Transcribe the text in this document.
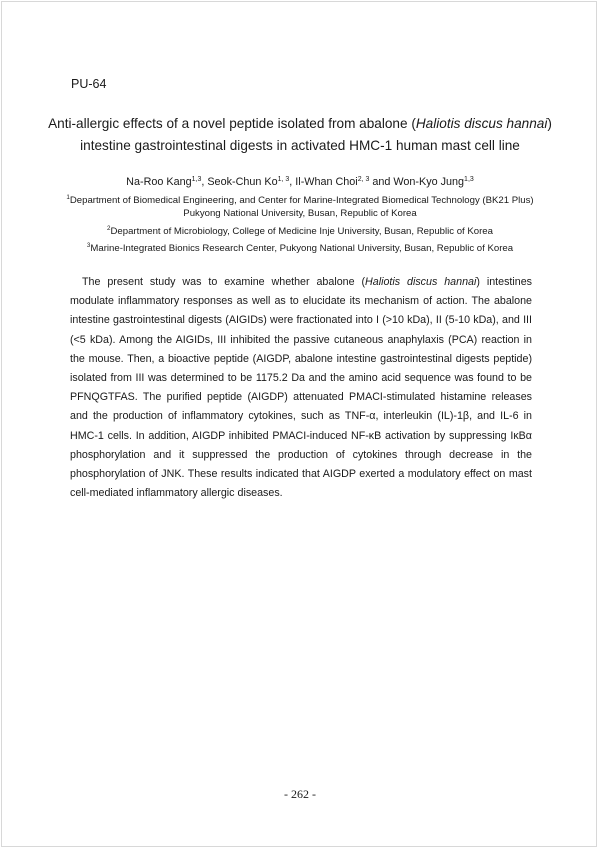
PU-64
Anti-allergic effects of a novel peptide isolated from abalone (Haliotis discus hannai)
intestine gastrointestinal digests in activated HMC-1 human mast cell line
Na-Roo Kang$^{1,3}$, Seok-Chun Ko$^{1, 3}$, Il-Whan Choi$^{2, 3}$ and Won-Kyo Jung$^{1,3}$
$^1$Department of Biomedical Engineering, and Center for Marine-Integrated Biomedical Technology (BK21 Plus)
Pukyong National University, Busan, Republic of Korea
$^2$Department of Microbiology, College of Medicine Inje University, Busan, Republic of Korea
$^3$Marine-Integrated Bionics Research Center, Pukyong National University, Busan, Republic of Korea

The present study was to examine whether abalone (Haliotis discus hannai) intestines modulate inflammatory responses as well as to elucidate its mechanism of action. The abalone intestine gastrointestinal digests (AIGIDs) were fractionated into I (>10 kDa), II (5-10 kDa), and III (<5 kDa). Among the AIGIDs, III inhibited the passive cutaneous anaphylaxis (PCA) reaction in the mouse. Then, a bioactive peptide (AIGDP, abalone intestine gastrointestinal digests peptide) isolated from III was determined to be 1175.2 Da and the amino acid sequence was found to be PFNQGTFAS. The purified peptide (AIGDP) attenuated PMACI-stimulated histamine releases and the production of inflammatory cytokines, such as TNF-α, interleukin (IL)-1β, and IL-6 in HMC-1 cells. In addition, AIGDP inhibited PMACI-induced NF-κB activation by suppressing IκBα phosphorylation and it suppressed the production of cytokines through decrease in the phosphorylation of JNK. These results indicated that AIGDP exerted a modulatory effect on mast cell-mediated inflammatory allergic diseases.

- 262 -
